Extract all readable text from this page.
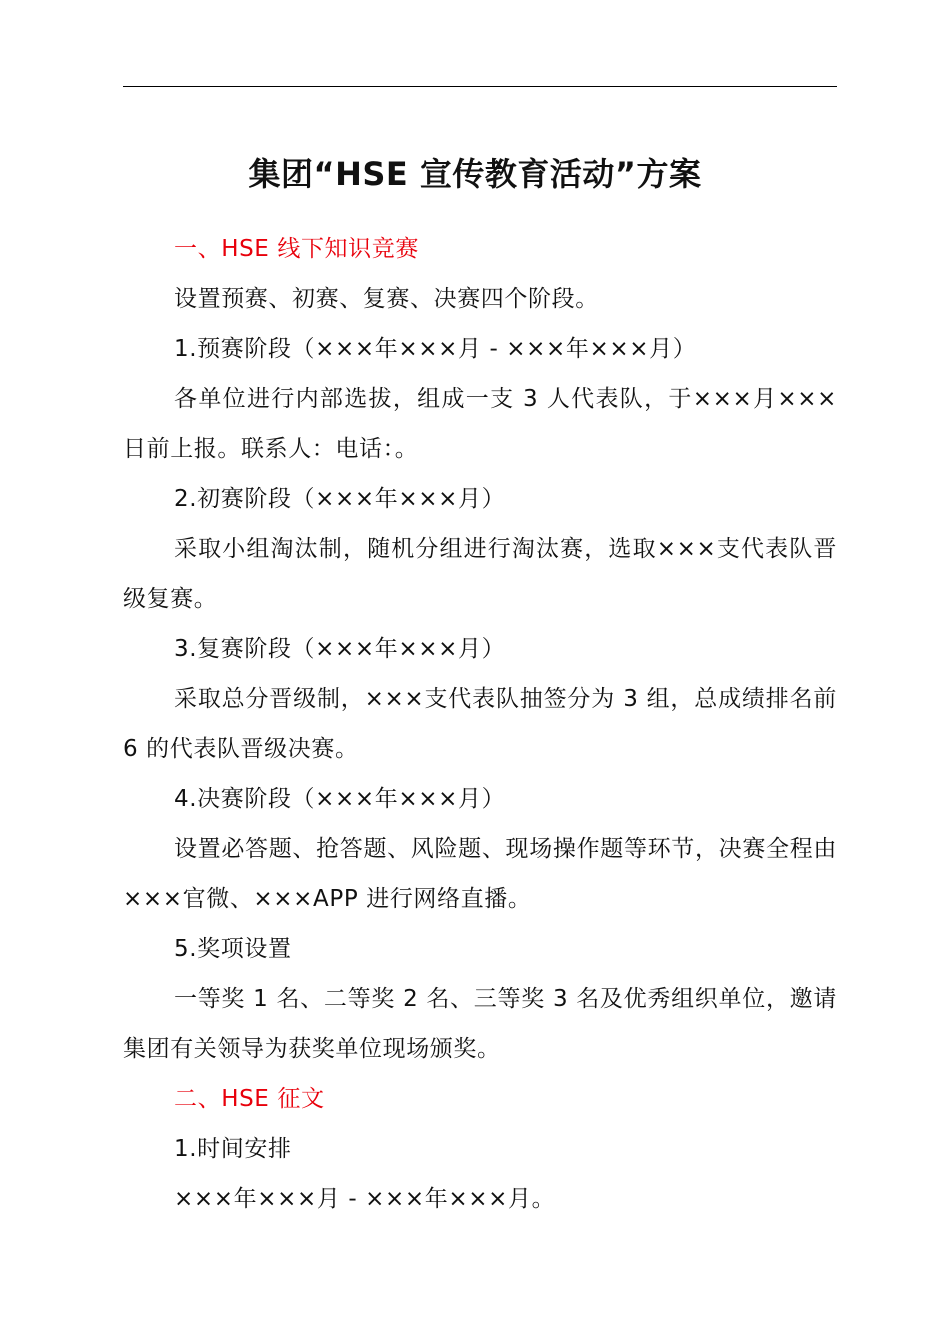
集团“HSE 宣传教育活动”方案

一、HSE 线下知识竞赛

设置预赛、初赛、复赛、决赛四个阶段。

1.预赛阶段（×××年×××月 - ×××年×××月）

各单位进行内部选拔，组成一支 3 人代表队，于×××月×××日前上报。联系人：电话：。

2.初赛阶段（×××年×××月）

采取小组淘汰制，随机分组进行淘汰赛，选取×××支代表队晋级复赛。

3.复赛阶段（×××年×××月）

采取总分晋级制，×××支代表队抽签分为 3 组，总成绩排名前 6 的代表队晋级决赛。

4.决赛阶段（×××年×××月）

设置必答题、抢答题、风险题、现场操作题等环节，决赛全程由×××官微、×××APP 进行网络直播。

5.奖项设置

一等奖 1 名、二等奖 2 名、三等奖 3 名及优秀组织单位，邀请集团有关领导为获奖单位现场颁奖。

二、HSE 征文

1.时间安排

×××年×××月 - ×××年×××月。
